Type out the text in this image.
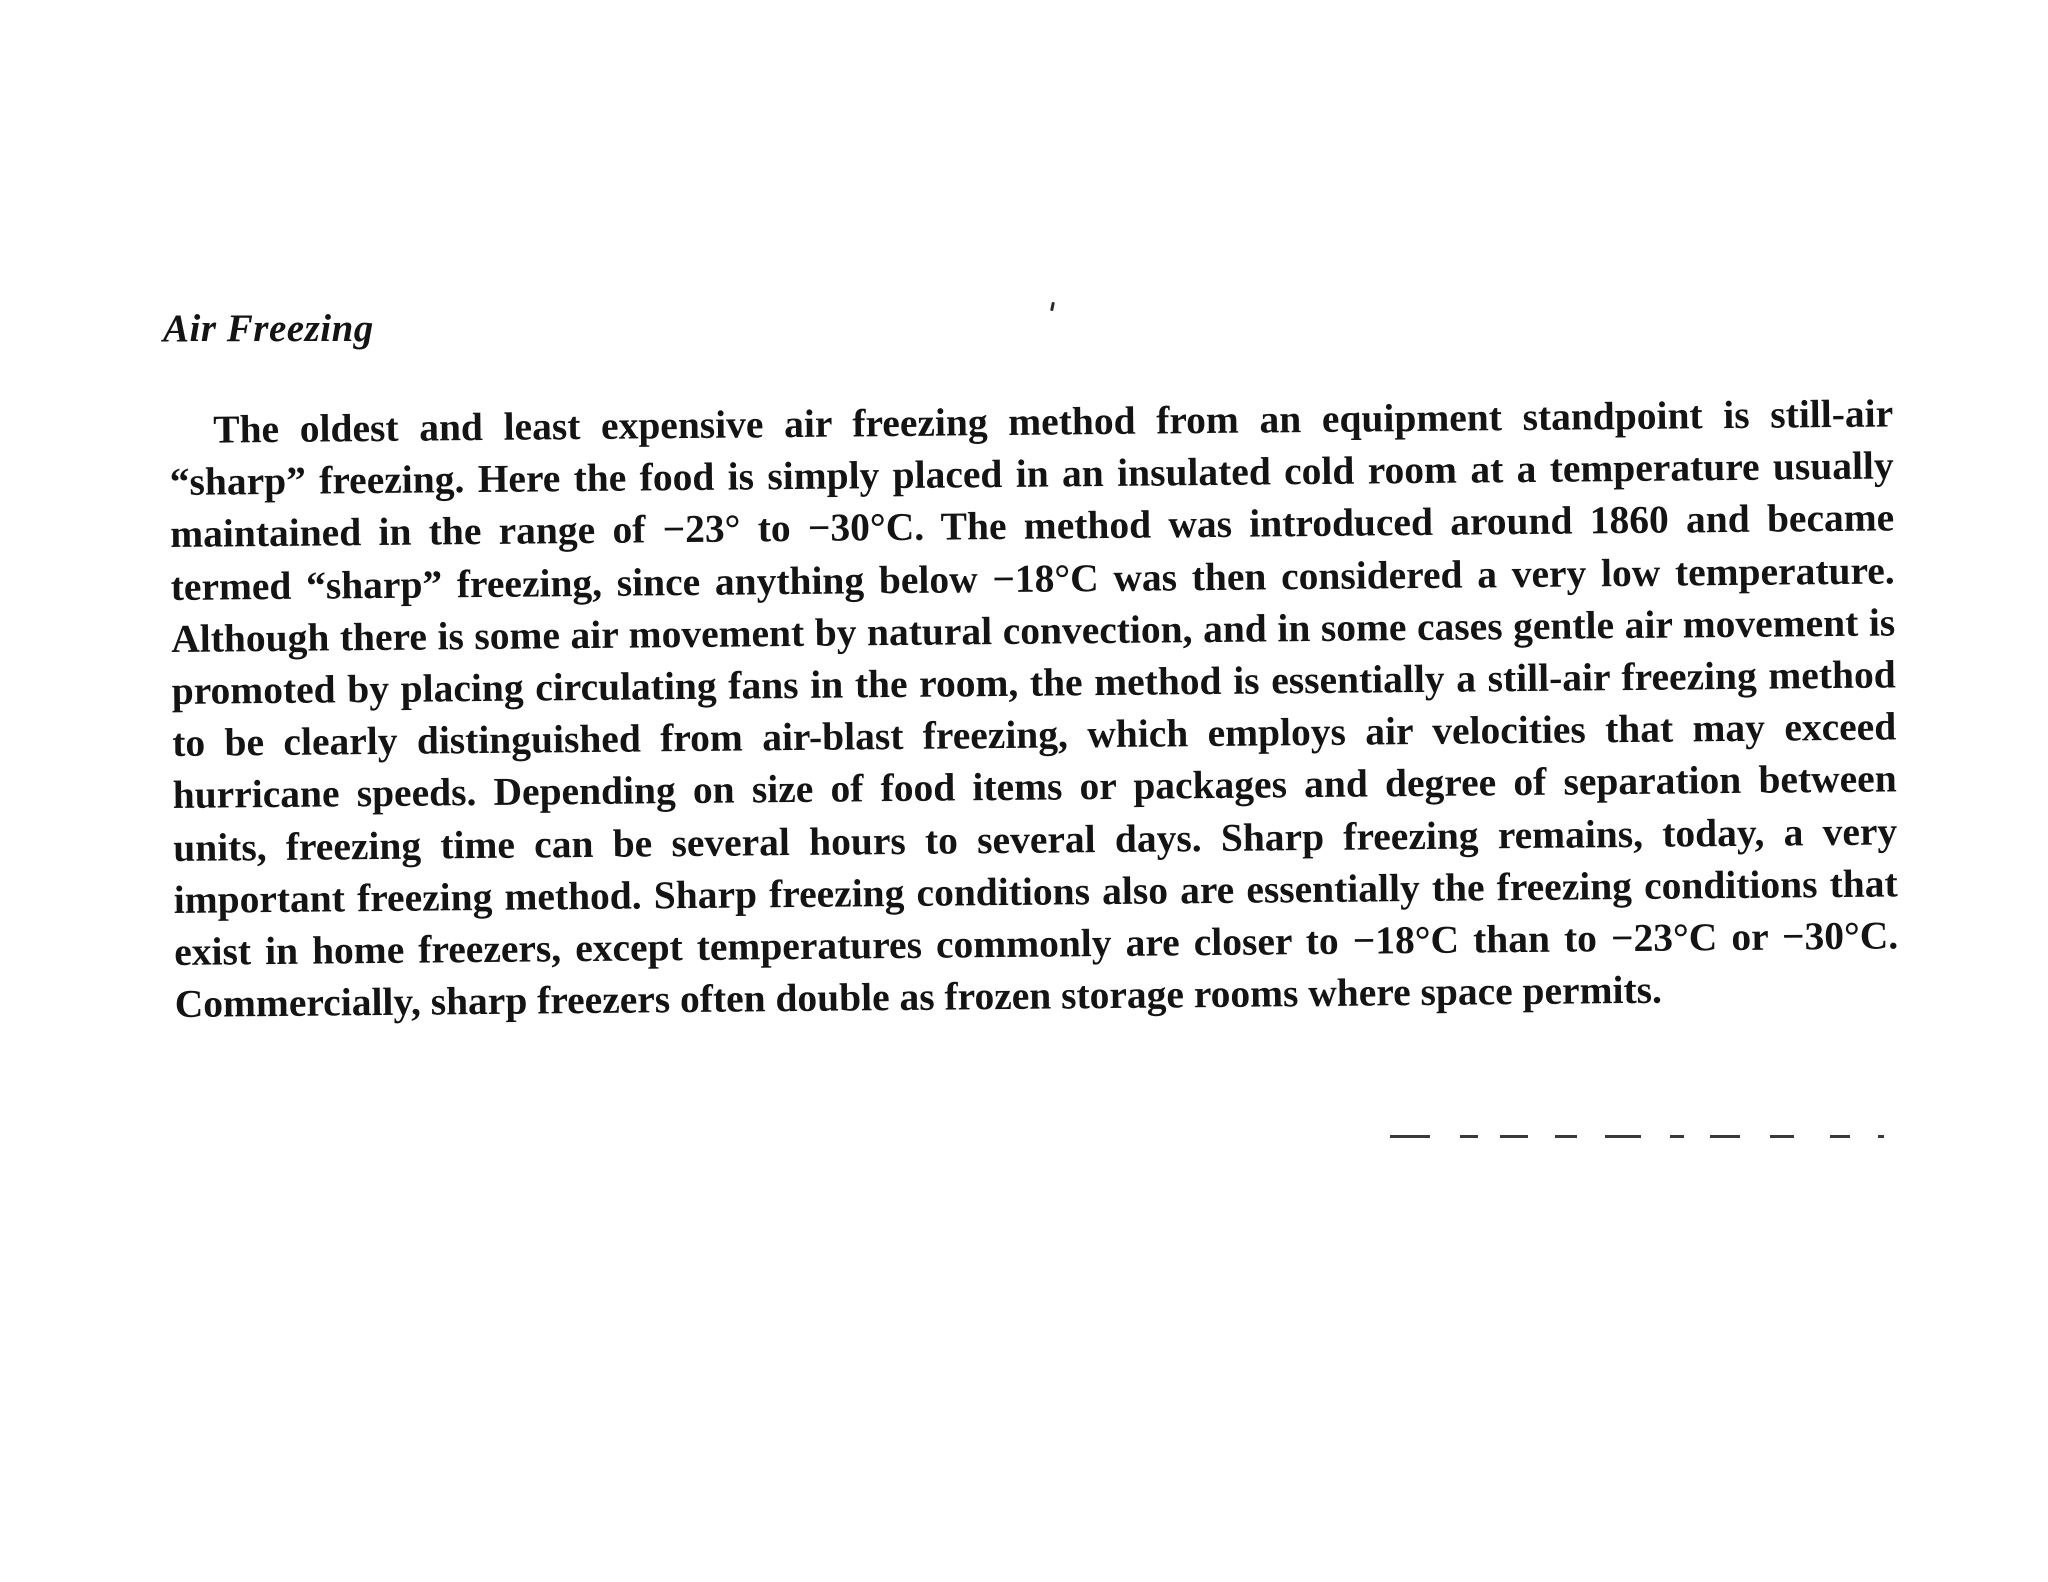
Air Freezing

The oldest and least expensive air freezing method from an equipment standpoint is still-air “sharp” freezing. Here the food is simply placed in an insulated cold room at a temperature usually maintained in the range of −23° to −30°C. The method was introduced around 1860 and became termed “sharp” freezing, since anything below −18°C was then considered a very low temperature. Although there is some air movement by natural convection, and in some cases gentle air movement is promoted by placing circulating fans in the room, the method is essentially a still-air freezing method to be clearly distinguished from air-blast freezing, which employs air velocities that may exceed hurricane speeds. Depending on size of food items or packages and degree of separation between units, freezing time can be several hours to several days. Sharp freezing remains, today, a very important freezing method. Sharp freezing conditions also are essentially the freezing conditions that exist in home freezers, except temperatures commonly are closer to −18°C than to −23°C or −30°C. Commercially, sharp freezers often double as frozen storage rooms where space permits.
